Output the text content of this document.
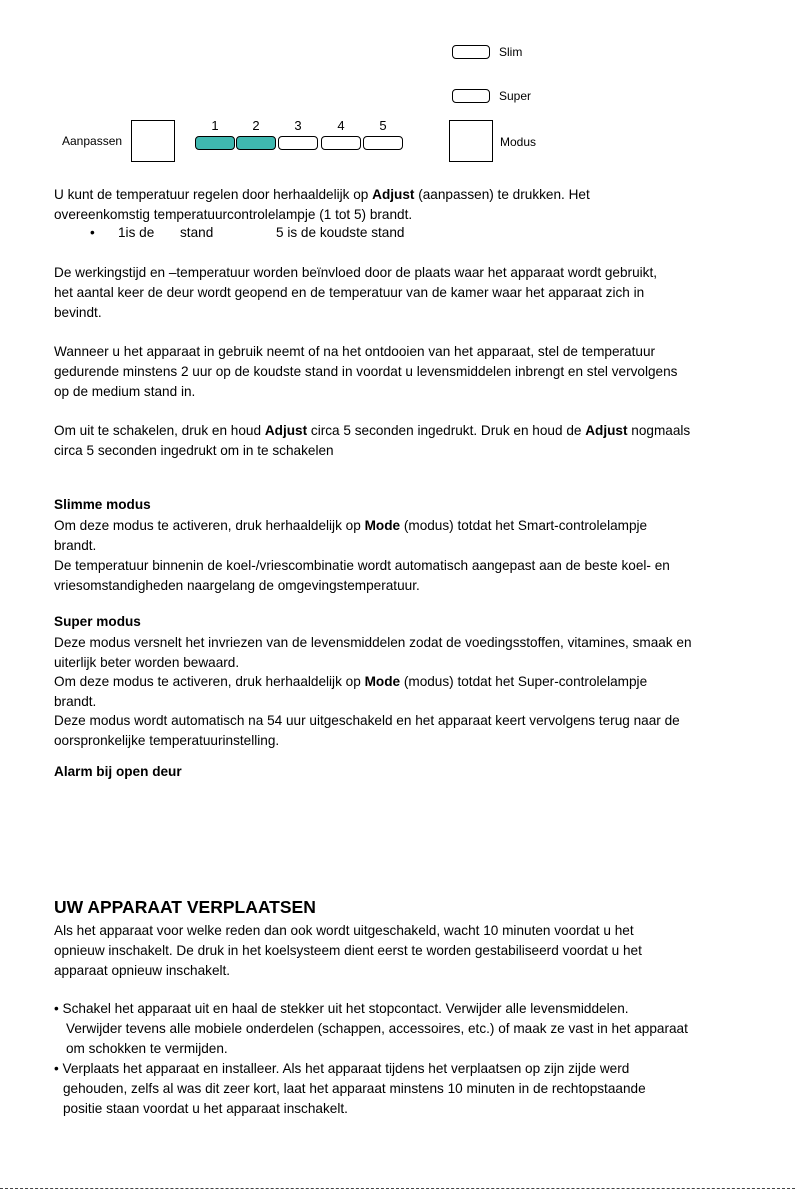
Aanpassen
1	2	3	4	5
Slim
Super
Modus
U kunt de temperatuur regelen door herhaaldelijk op Adjust (aanpassen) te drukken. Het
overeenkomstig temperatuurcontrolelampje (1 tot 5) brandt.
• 1is de stand	5 is de koudste stand
De werkingstijd en –temperatuur worden beïnvloed door de plaats waar het apparaat wordt gebruikt,
het aantal keer de deur wordt geopend en de temperatuur van de kamer waar het apparaat zich in
bevindt.
Wanneer u het apparaat in gebruik neemt of na het ontdooien van het apparaat, stel de temperatuur
gedurende minstens 2 uur op de koudste stand in voordat u levensmiddelen inbrengt en stel vervolgens
op de medium stand in.
Om uit te schakelen, druk en houd Adjust circa 5 seconden ingedrukt. Druk en houd de Adjust nogmaals
circa 5 seconden ingedrukt om in te schakelen
Slimme modus
Om deze modus te activeren, druk herhaaldelijk op Mode (modus) totdat het Smart-controlelampje
brandt.
De temperatuur binnenin de koel-/vriescombinatie wordt automatisch aangepast aan de beste koel- en
vriesomstandigheden naargelang de omgevingstemperatuur.
Super modus
Deze modus versnelt het invriezen van de levensmiddelen zodat de voedingsstoffen, vitamines, smaak en
uiterlijk beter worden bewaard.
Om deze modus te activeren, druk herhaaldelijk op Mode (modus) totdat het Super-controlelampje
brandt.
Deze modus wordt automatisch na 54 uur uitgeschakeld en het apparaat keert vervolgens terug naar de
oorspronkelijke temperatuurinstelling.
Alarm bij open deur
UW APPARAAT VERPLAATSEN
Als het apparaat voor welke reden dan ook wordt uitgeschakeld, wacht 10 minuten voordat u het
opnieuw inschakelt. De druk in het koelsysteem dient eerst te worden gestabiliseerd voordat u het
apparaat opnieuw inschakelt.
• Schakel het apparaat uit en haal de stekker uit het stopcontact. Verwijder alle levensmiddelen.
Verwijder tevens alle mobiele onderdelen (schappen, accessoires, etc.) of maak ze vast in het apparaat
om schokken te vermijden.
• Verplaats het apparaat en installeer. Als het apparaat tijdens het verplaatsen op zijn zijde werd
gehouden, zelfs al was dit zeer kort, laat het apparaat minstens 10 minuten in de rechtopstaande
positie staan voordat u het apparaat inschakelt.
